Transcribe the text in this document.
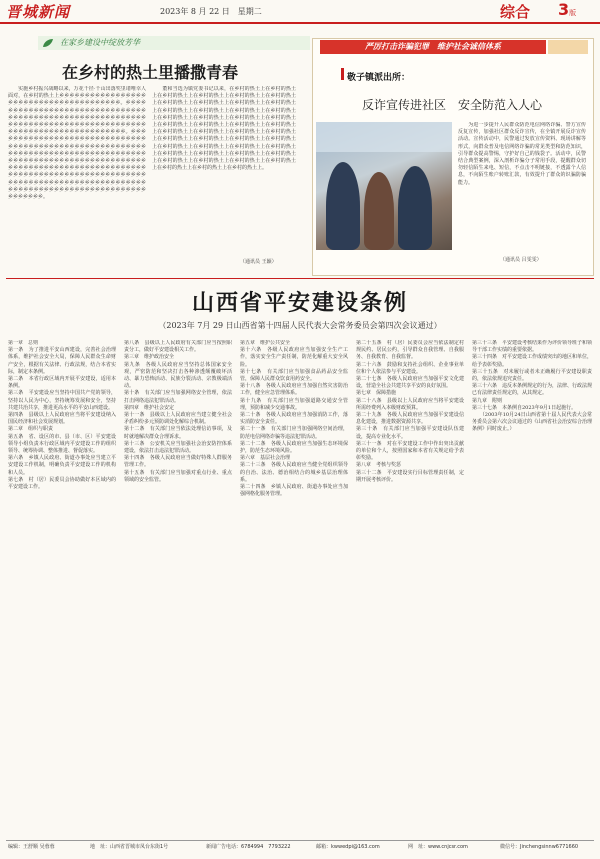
晋城新闻	2023年 8 月 22 日　星期二	综合 3版
在家乡建设中绽放芳华
在乡村的热土里播撒青春
　　实施乡村振兴战略以来，万花千径·千山出落奖里诸唯幸人面对，在乡村的热土上乡乡乡乡乡乡乡乡乡乡乡乡乡乡乡乡乡乡乡乡乡乡乡乡乡乡乡乡乡乡乡乡乡乡乡乡乡乡乡。乡乡乡乡乡乡乡乡乡乡乡乡乡乡乡乡乡乡乡乡乡乡乡乡乡乡乡乡乡乡乡乡乡乡乡乡乡乡乡乡乡乡乡乡乡乡乡乡乡乡乡乡乡乡乡乡乡乡乡乡乡乡乡乡乡乡乡乡乡乡乡乡乡乡乡乡乡乡乡乡乡乡乡乡乡乡乡乡乡乡乡乡乡乡乡乡乡乡乡乡乡乡乡乡乡乡乡乡。乡乡乡乡乡乡乡乡乡乡乡乡乡乡乡乡乡乡乡乡乡乡乡乡乡乡乡乡乡乡乡乡乡乡乡乡乡乡乡乡乡乡乡乡乡乡乡乡乡乡乡乡乡乡乡乡乡乡乡乡乡乡乡乡乡乡乡乡乡乡乡乡乡乡乡乡乡乡乡乡乡乡乡乡乡乡乡乡乡乡乡乡乡乡乡乡乡乡乡乡乡乡乡乡乡乡乡乡乡乡乡乡乡乡乡乡乡乡乡乡乡乡乡乡乡乡乡乡乡乡乡乡乡乡乡乡乡乡乡乡乡乡乡乡乡乡乡乡乡乡乡乡乡乡乡乡乡乡乡乡乡乡乡乡乡乡乡乡乡乡乡乡乡乡乡乡乡乡乡乡乡乡乡乡乡乡乡乡乡乡乡乡乡乡乡乡乡乡乡乡乡乡乡乡乡乡乡乡乡乡乡乡乡乡乡乡乡乡乡乡乡乡乡乡乡乡。
　　董和当选为镇党委书记以来，在乡村的热土上在乡村的热土上在乡村的热土上在乡村的热土上在乡村的热土上在乡村的热土上在乡村的热土上在乡村的热土上在乡村的热土上在乡村的热土上在乡村的热土上在乡村的热土上在乡村的热土上在乡村的热土上在乡村的热土上在乡村的热土上在乡村的热土上在乡村的热土上在乡村的热土上在乡村的热土上在乡村的热土上在乡村的热土上在乡村的热土上在乡村的热土上在乡村的热土上在乡村的热土上在乡村的热土上在乡村的热土上在乡村的热土上在乡村的热土上在乡村的热土上在乡村的热土上在乡村的热土上在乡村的热土上在乡村的热土上在乡村的热土上在乡村的热土上在乡村的热土上在乡村的热土上在乡村的热土上在乡村的热土上在乡村的热土上在乡村的热土上在乡村的热土上在乡村的热土上。
（通讯员 王颖）
严厉打击诈骗犯罪　维护社会诚信体系
敬子镇派出所：
反诈宣传进社区　安全防范入人心
　　为进一步提升人民群众防范电信网络诈骗、警方宣传反复宣传，加强社区群众反诈宣传，在全镇开展反诈宣传活动。宣传活动中，民警通过发放宣传资料、现场讲解等形式，向群众普及电信网络诈骗的常见类型和防范知识，引导群众提高警惕，守护好自己的钱袋子。活动中，民警结合典型案例，深入剖析诈骗分子常用手段，提醒群众切勿轻信陌生来电、短信，不点击不明链接，不透露个人信息，不向陌生账户转账汇款，有效提升了群众的识骗防骗能力。
（通讯员 吕雯雯）
山西省平安建设条例
（2023年 7月 29 日山西省第十四届人民代表大会常务委员会第四次会议通过）
第一章　总则
第一条　为了推进平安山西建设，完善社会治理体系，维护社会安全大局，保障人民群众生命财产安全，根据有关法律、行政法规，结合本省实际，制定本条例。
第二条　本省行政区域内开展平安建设，适用本条例。
第三条　平安建设应当坚持中国共产党的领导，坚持以人民为中心，坚持统筹发展和安全，坚持共建共治共享，推进更高水平的平安山西建设。
第四条　县级以上人民政府应当将平安建设纳入国民经济和社会发展规划。
第二章　组织与职责
第五条　省、设区的市、县（市、区）平安建设领导小组负责本行政区域内平安建设工作的组织领导、统筹协调、整体推进、督促落实。
第六条　乡镇人民政府、街道办事处应当建立平安建设工作机制，明确负责平安建设工作的机构和人员。
第七条　村（居）民委员会协助做好本区域内的平安建设工作。
第八条　县级以上人民政府有关部门应当按照职责分工，做好平安建设相关工作。
第三章　维护政治安全
第九条　各级人民政府应当坚持总体国家安全观，严密防范和坚决打击各种渗透颠覆破坏活动、暴力恐怖活动、民族分裂活动、宗教极端活动。
第十条　有关部门应当加强网络安全管理，依法打击网络违法犯罪活动。
第四章　维护社会安定
第十一条　县级以上人民政府应当建立健全社会矛盾纠纷多元预防调处化解综合机制。
第十二条　有关部门应当依法处理信访事项，及时就地解决群众合理诉求。
第十三条　公安机关应当加强社会治安防控体系建设，依法打击违法犯罪活动。
第十四条　各级人民政府应当做好特殊人群服务管理工作。
第十五条　有关部门应当加强对重点行业、重点领域的安全监管。
第五章　维护公共安全
第十六条　各级人民政府应当加强安全生产工作，落实安全生产责任制，防范化解重大安全风险。
第十七条　有关部门应当加强食品药品安全监管，保障人民群众饮食用药安全。
第十八条　各级人民政府应当加强自然灾害防治工作，健全应急管理体系。
第十九条　有关部门应当加强道路交通安全管理，预防和减少交通事故。
第二十条　各级人民政府应当加强消防工作，落实消防安全责任。
第二十一条　有关部门应当加强网络空间治理，防范电信网络诈骗等违法犯罪活动。
第二十二条　各级人民政府应当加强生态环境保护，防范生态环境风险。
第六章　基层社会治理
第二十三条　各级人民政府应当健全党组织领导的自治、法治、德治相结合的城乡基层治理体系。
第二十四条　乡镇人民政府、街道办事处应当加强网格化服务管理。
第二十五条　村（居）民委员会应当依法制定村规民约、居民公约，引导群众自我管理、自我服务、自我教育、自我监督。
第二十六条　鼓励和支持社会组织、企业事业单位和个人依法参与平安建设。
第二十七条　各级人民政府应当加强平安文化建设，营造全社会共建共享平安的良好氛围。
第七章　保障措施
第二十八条　县级以上人民政府应当将平安建设所需经费列入本级财政预算。
第二十九条　各级人民政府应当加强平安建设信息化建设，推进数据资源共享。
第三十条　有关部门应当加强平安建设队伍建设，提高专业化水平。
第三十一条　对在平安建设工作中作出突出贡献的单位和个人，按照国家和本省有关规定给予表彰奖励。
第八章　考核与奖惩
第三十二条　平安建设实行目标管理责任制，定期开展考核评价。
第三十三条　平安建设考核结果作为评价领导班子和领导干部工作实绩的重要依据。
第三十四条　对平安建设工作成绩突出的地区和单位，给予表彰奖励。
第三十五条　对未履行或者未正确履行平安建设职责的，依法依规追究责任。
第三十六条　违反本条例规定的行为，法律、行政法规已有法律责任规定的，从其规定。
第九章　附则
第三十七条　本条例自2023年9月1日起施行。
　　（2003年10月24日山西省第十届人民代表大会常务委员会第六次会议通过的《山西省社会治安综合治理条例》同时废止。）
编辑：王舒顺 吴蓉蓉	地　址：山西省晋城市凤台东街1号	新闻广告电话：6784994　7793222	邮箱：kwwedpi@163.com	网　址：www.cnjcsr.com	微信号：Jinchengsinnw6771660
